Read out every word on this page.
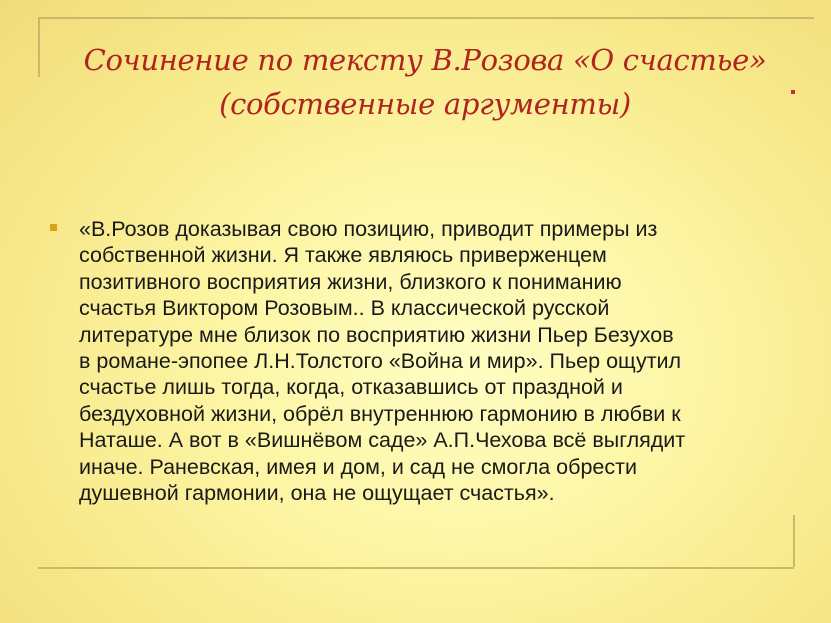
Сочинение по тексту В.Розова «О счастье»
(собственные аргументы)
«В.Розов доказывая свою позицию, приводит примеры из
собственной жизни. Я также являюсь приверженцем
позитивного восприятия жизни, близкого к пониманию
счастья Виктором Розовым.. В классической русской
литературе мне близок по восприятию жизни Пьер Безухов
в романе-эпопее Л.Н.Толстого «Война и мир». Пьер ощутил
счастье лишь тогда, когда, отказавшись от праздной и
бездуховной жизни, обрёл внутреннюю гармонию в любви к
Наташе. А вот в «Вишнёвом саде» А.П.Чехова всё выглядит
иначе. Раневская, имея и дом, и сад не смогла обрести
душевной гармонии, она не ощущает счастья».
